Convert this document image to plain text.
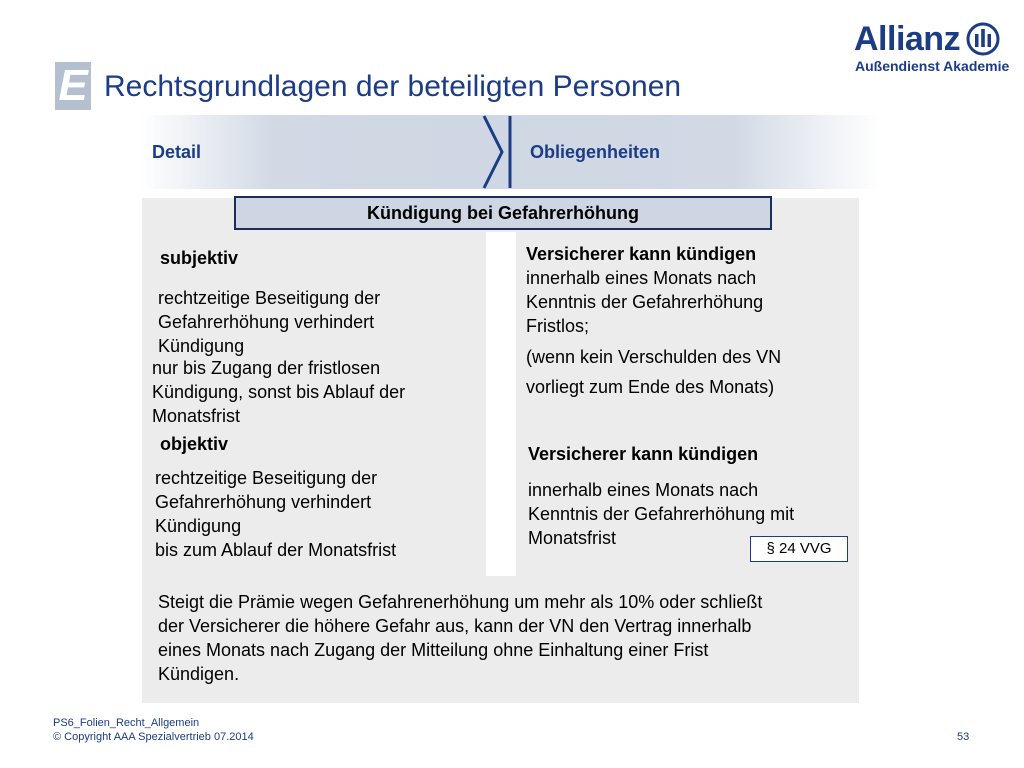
Allianz
Außendienst Akademie
E Rechtsgrundlagen der beteiligten Personen
Detail	Obliegenheiten
Kündigung bei Gefahrerhöhung
subjektiv
rechtzeitige Beseitigung der
Gefahrerhöhung verhindert
Kündigung
nur bis Zugang der fristlosen
Kündigung, sonst bis Ablauf der
Monatsfrist
objektiv
rechtzeitige Beseitigung der
Gefahrerhöhung verhindert
Kündigung
bis zum Ablauf der Monatsfrist
Versicherer kann kündigen
innerhalb eines Monats nach
Kenntnis der Gefahrerhöhung
Fristlos;
(wenn kein Verschulden des VN
vorliegt zum Ende des Monats)
Versicherer kann kündigen
innerhalb eines Monats nach
Kenntnis der Gefahrerhöhung mit
Monatsfrist
§ 24 VVG
Steigt die Prämie wegen Gefahrenerhöhung um mehr als 10% oder schließt
der Versicherer die höhere Gefahr aus, kann der VN den Vertrag innerhalb
eines Monats nach Zugang der Mitteilung ohne Einhaltung einer Frist
Kündigen.
PS6_Folien_Recht_Allgemein
© Copyright AAA Spezialvertrieb 07.2014	53
